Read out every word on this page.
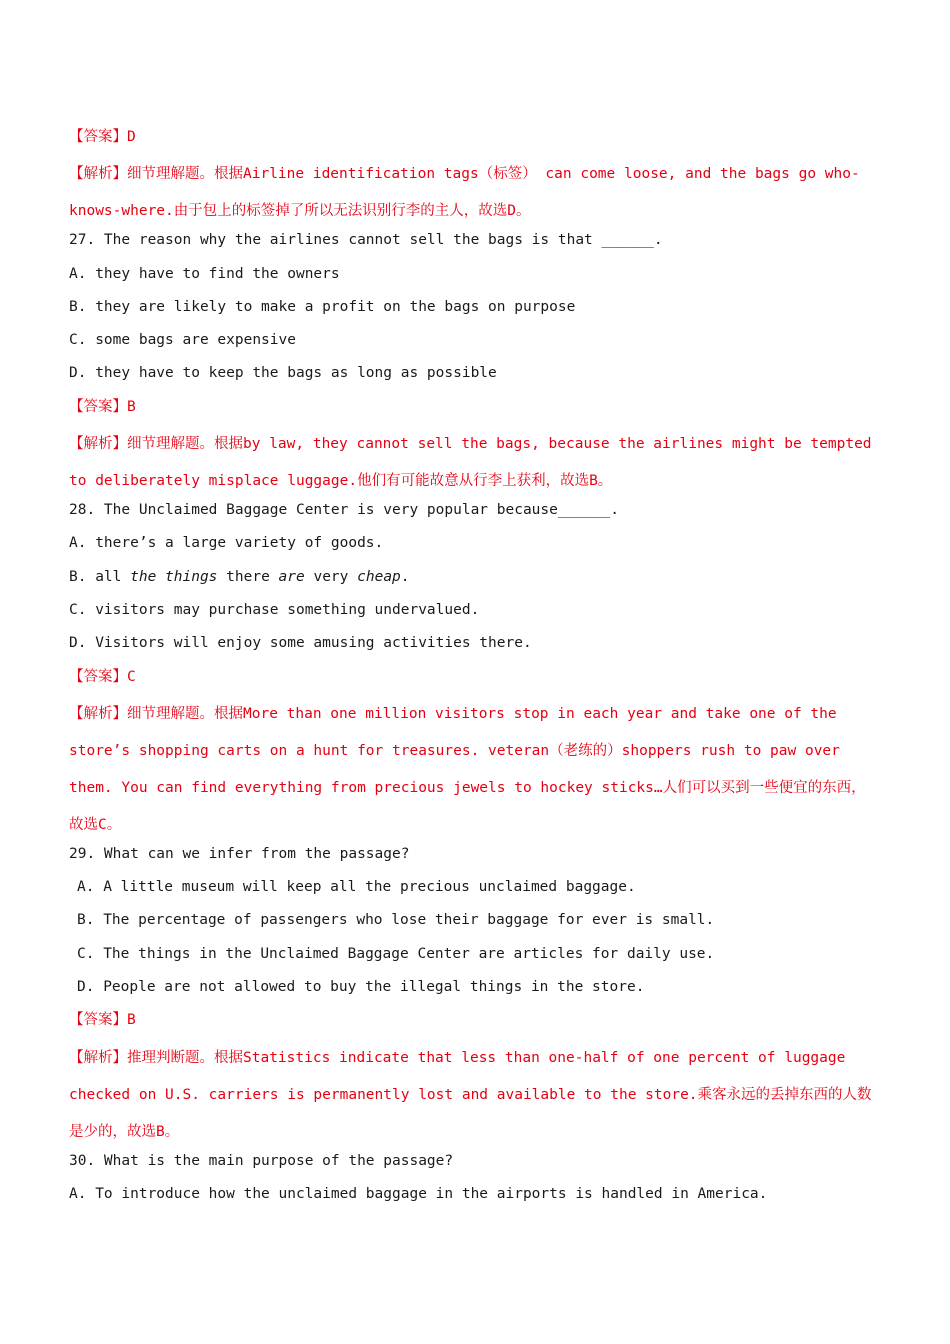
【答案】D

【解析】细节理解题。根据Airline identification tags（标签） can come loose, and the bags go who-knows-where.由于包上的标签掉了所以无法识别行李的主人，故选D。

27. The reason why the airlines cannot sell the bags is that ______.
A. they have to find the owners
B. they are likely to make a profit on the bags on purpose
C. some bags are expensive
D. they have to keep the bags as long as possible
【答案】B

【解析】细节理解题。根据by law, they cannot sell the bags, because the airlines might be tempted to deliberately misplace luggage.他们有可能故意从行李上获利，故选B。

28. The Unclaimed Baggage Center is very popular because______.
A. there’s a large variety of goods.
B. all the things there are very cheap.
C. visitors may purchase something undervalued.
D. Visitors will enjoy some amusing activities there.
【答案】C

【解析】细节理解题。根据More than one million visitors stop in each year and take one of the store’s shopping carts on a hunt for treasures. veteran（老练的）shoppers rush to paw over them. You can find everything from precious jewels to hockey sticks…人们可以买到一些便宜的东西，故选C。

29. What can we infer from the passage?
A. A little museum will keep all the precious unclaimed baggage.
B. The percentage of passengers who lose their baggage for ever is small.
C. The things in the Unclaimed Baggage Center are articles for daily use.
D. People are not allowed to buy the illegal things in the store.
【答案】B

【解析】推理判断题。根据Statistics indicate that less than one-half of one percent of luggage checked on U.S. carriers is permanently lost and available to the store.乘客永远的丢掉东西的人数是少的，故选B。

30. What is the main purpose of the passage?
A. To introduce how the unclaimed baggage in the airports is handled in America.
